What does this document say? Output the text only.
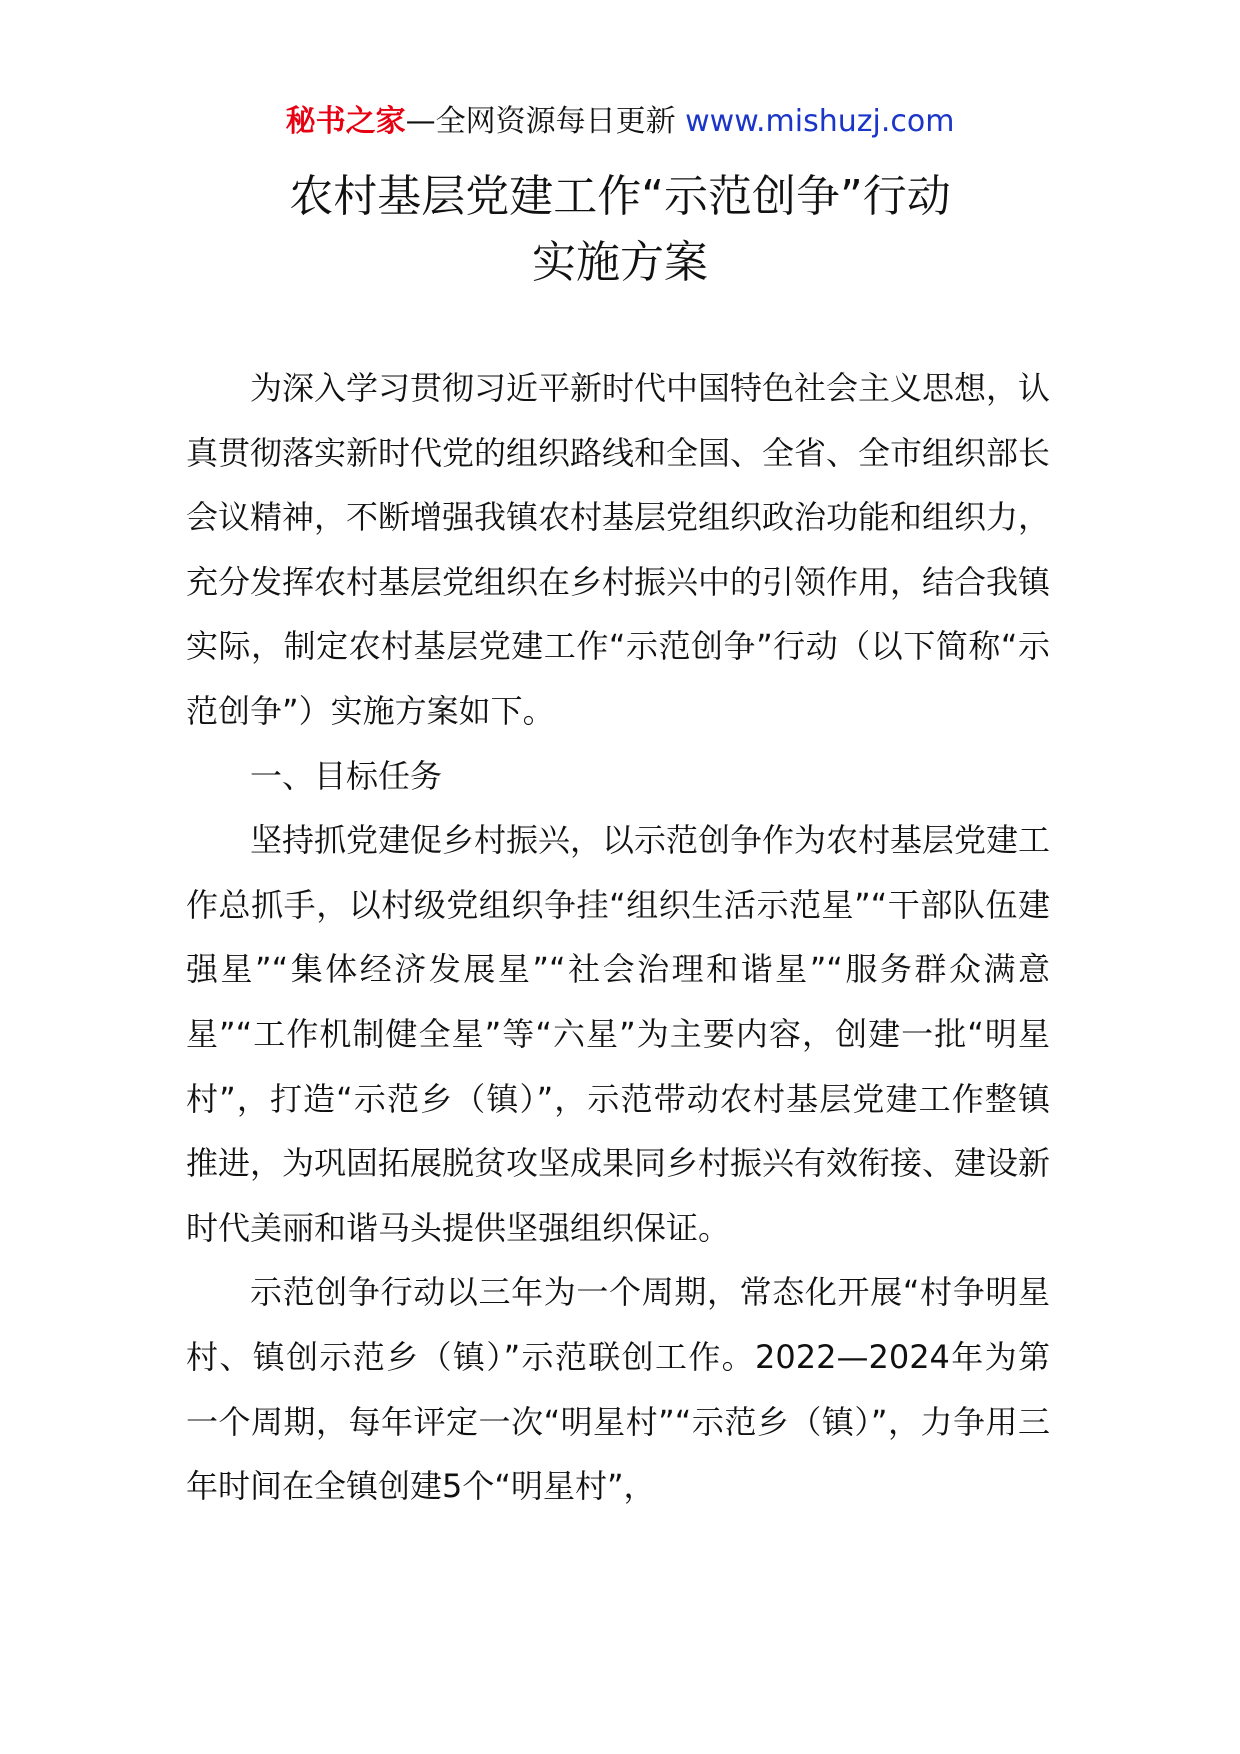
秘书之家—全网资源每日更新 www.mishuzj.com
农村基层党建工作“示范创争”行动
实施方案

为深入学习贯彻习近平新时代中国特色社会主义思想，认真贯彻落实新时代党的组织路线和全国、全省、全市组织部长会议精神，不断增强我镇农村基层党组织政治功能和组织力，充分发挥农村基层党组织在乡村振兴中的引领作用，结合我镇实际，制定农村基层党建工作“示范创争”行动（以下简称“示范创争”）实施方案如下。

一、目标任务

坚持抓党建促乡村振兴，以示范创争作为农村基层党建工作总抓手，以村级党组织争挂“组织生活示范星”“干部队伍建强星”“集体经济发展星”“社会治理和谐星”“服务群众满意星”“工作机制健全星”等“六星”为主要内容，创建一批“明星村”，打造“示范乡（镇）”，示范带动农村基层党建工作整镇推进，为巩固拓展脱贫攻坚成果同乡村振兴有效衔接、建设新时代美丽和谐马头提供坚强组织保证。

示范创争行动以三年为一个周期，常态化开展“村争明星村、镇创示范乡（镇）”示范联创工作。2022—2024年为第一个周期，每年评定一次“明星村”“示范乡（镇）”，力争用三年时间在全镇创建5个“明星村”，
